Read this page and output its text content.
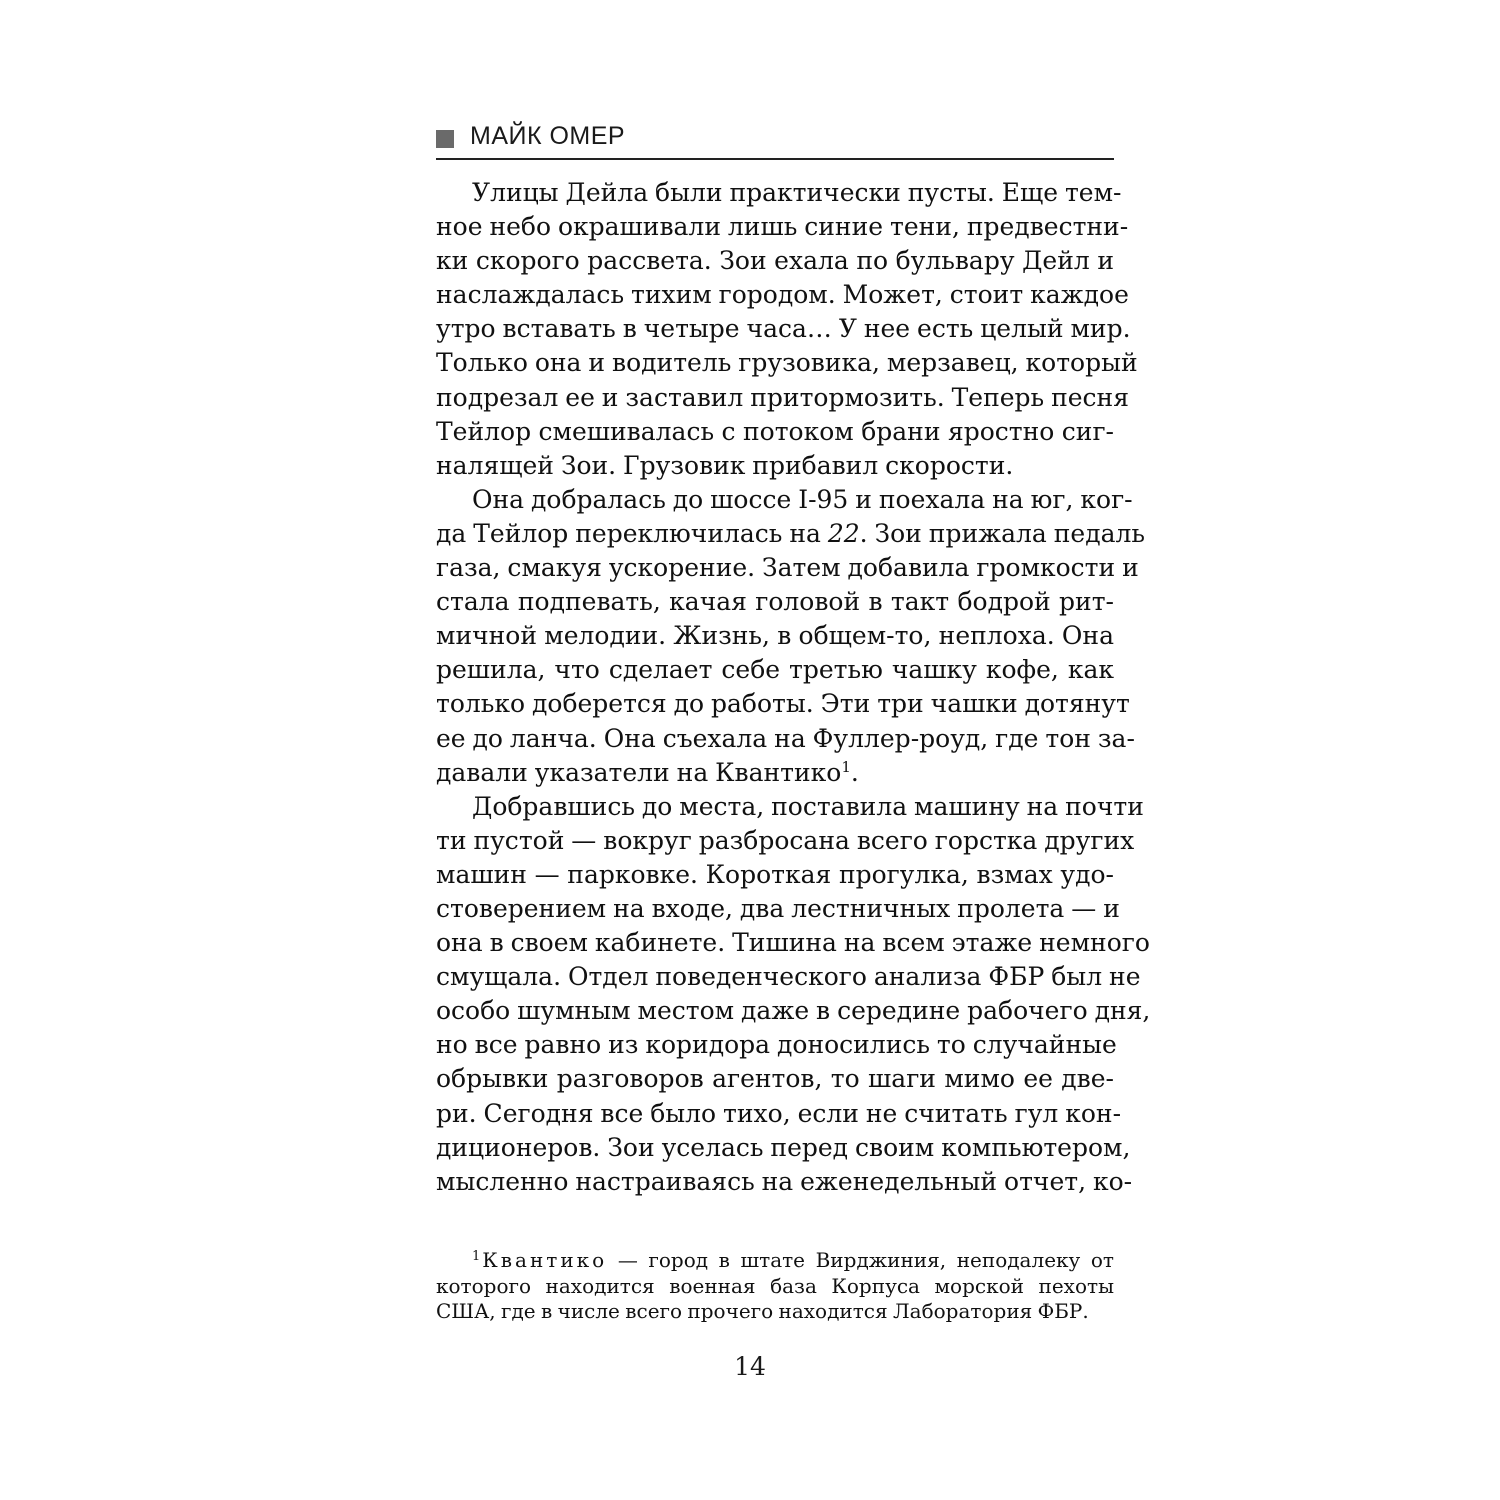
МАЙК ОМЕР
Улицы Дейла были практически пусты. Еще тем-
ное небо окрашивали лишь синие тени, предвестни-
ки скорого рассвета. Зои ехала по бульвару Дейл и
наслаждалась тихим городом. Может, стоит каждое
утро вставать в четыре часа… У нее есть целый мир.
Только она и водитель грузовика, мерзавец, который
подрезал ее и заставил притормозить. Теперь песня
Тейлор смешивалась с потоком брани яростно сиг-
налящей Зои. Грузовик прибавил скорости.
Она добралась до шоссе I-95 и поехала на юг, ког-
да Тейлор переключилась на 22. Зои прижала педаль
газа, смакуя ускорение. Затем добавила громкости и
стала подпевать, качая головой в такт бодрой рит-
мичной мелодии. Жизнь, в общем-то, неплоха. Она
решила, что сделает себе третью чашку кофе, как
только доберется до работы. Эти три чашки дотянут
ее до ланча. Она съехала на Фуллер-роуд, где тон за-
давали указатели на Квантико$^1$.
Добравшись до места, поставила машину на почти
ти пустой — вокруг разбросана всего горстка других
машин — парковке. Короткая прогулка, взмах удо-
стоверением на входе, два лестничных пролета — и
она в своем кабинете. Тишина на всем этаже немного
смущала. Отдел поведенческого анализа ФБР был не
особо шумным местом даже в середине рабочего дня,
но все равно из коридора доносились то случайные
обрывки разговоров агентов, то шаги мимо ее две-
ри. Сегодня все было тихо, если не считать гул кон-
диционеров. Зои уселась перед своим компьютером,
мысленно настраиваясь на еженедельный отчет, ко-
$^1$ Квантико — город в штате Вирджиния, неподалеку от
которого находится военная база Корпуса морской пехоты
США, где в числе всего прочего находится Лаборатория ФБР.
14
